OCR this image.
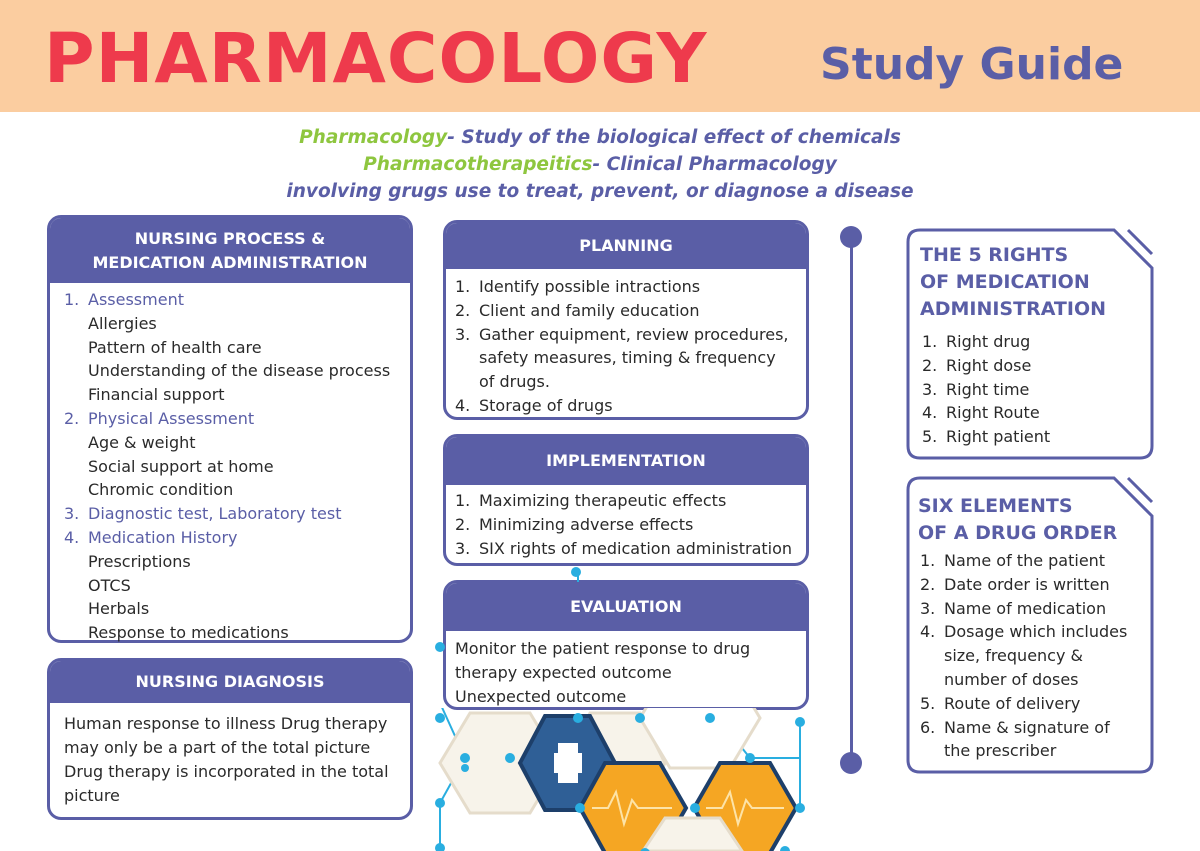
PHARMACOLOGY	Study Guide
Pharmacology- Study of the biological effect of chemicals
Pharmacotherapeitics- Clinical Pharmacology
involving grugs use to treat, prevent, or diagnose a disease
NURSING PROCESS &
MEDICATION ADMINISTRATION
1. Assessment
Allergies
Pattern of health care
Understanding of the disease process
Financial support
2. Physical Assessment
Age & weight
Social support at home
Chromic condition
3. Diagnostic test, Laboratory test
4. Medication History
Prescriptions
OTCS
Herbals
Response to medications
NURSING DIAGNOSIS
Human response to illness Drug therapy
may only be a part of the total picture
Drug therapy is incorporated in the total
picture
PLANNING
1. Identify possible intractions
2. Client and family education
3. Gather equipment, review procedures,
safety measures, timing & frequency
of drugs.
4. Storage of drugs
IMPLEMENTATION
1. Maximizing therapeutic effects
2. Minimizing adverse effects
3. SIX rights of medication administration
EVALUATION
Monitor the patient response to drug
therapy expected outcome
Unexpected outcome
THE 5 RIGHTS
OF MEDICATION
ADMINISTRATION
1. Right drug
2. Right dose
3. Right time
4. Right Route
5. Right patient
SIX ELEMENTS
OF A DRUG ORDER
1. Name of the patient
2. Date order is written
3. Name of medication
4. Dosage which includes
size, frequency &
number of doses
5. Route of delivery
6. Name & signature of
the prescriber
